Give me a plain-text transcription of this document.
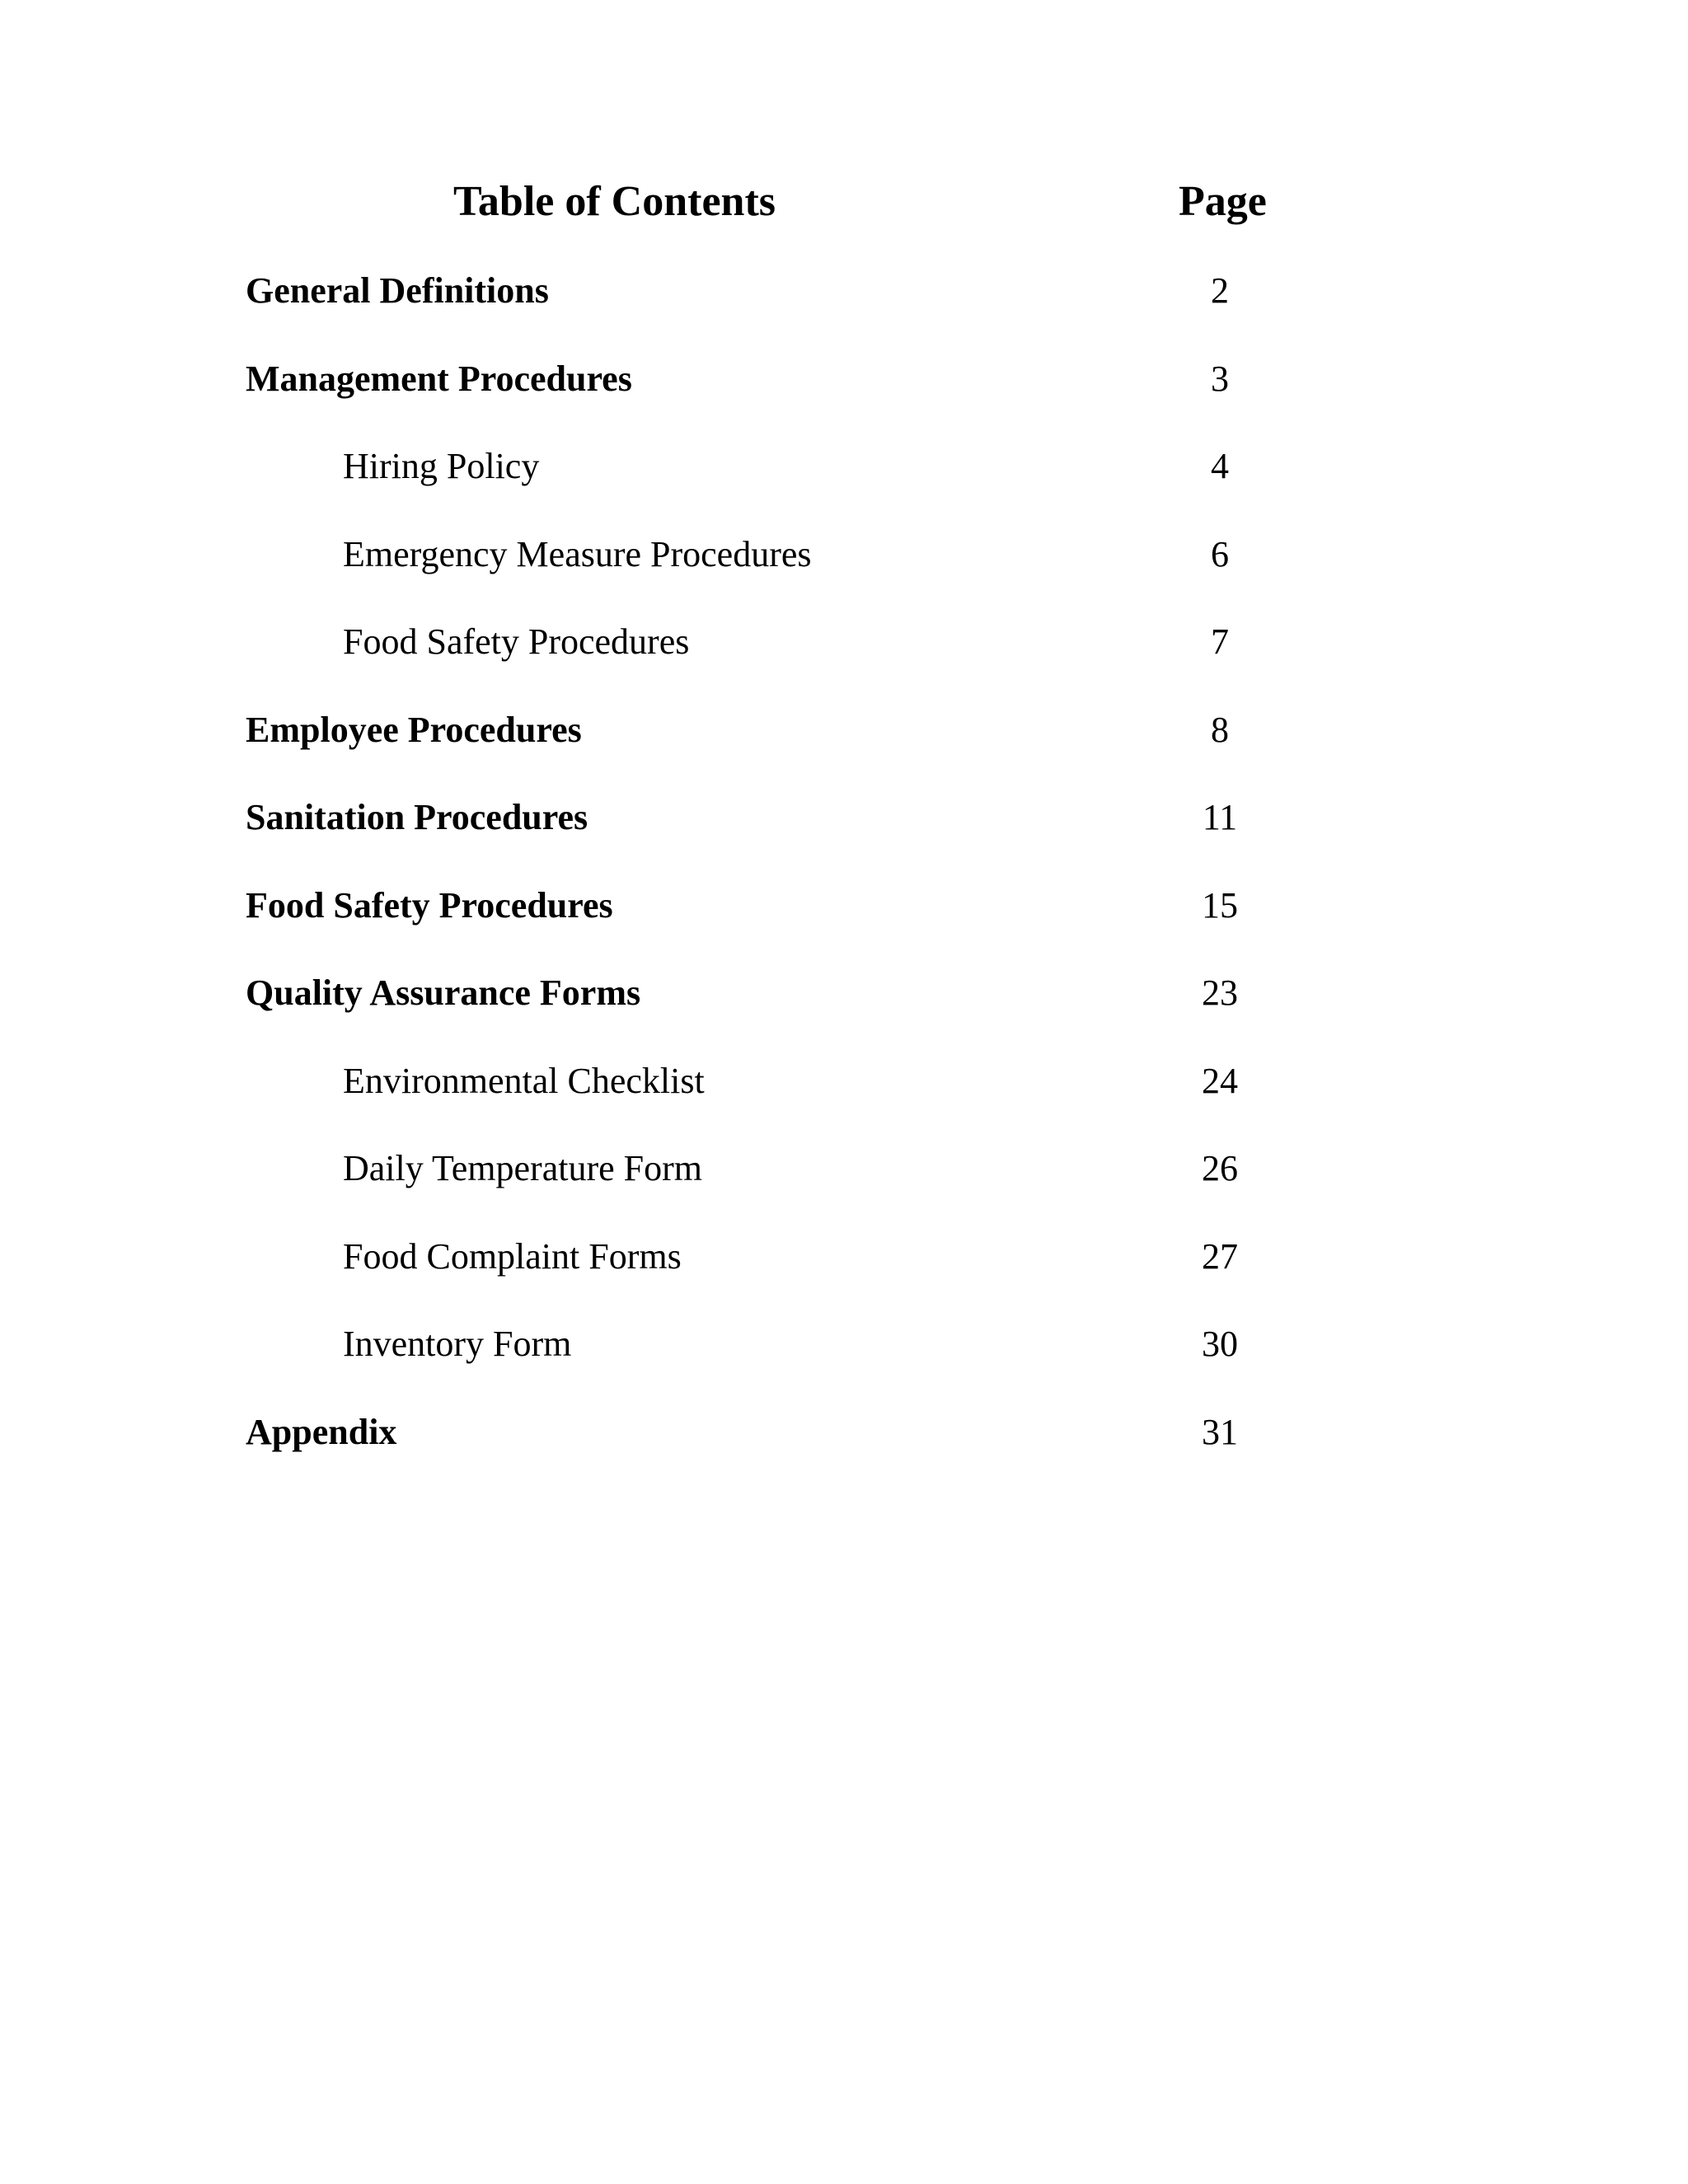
Table of Contents	Page
General Definitions	2
Management Procedures	3
Hiring Policy	4
Emergency Measure Procedures	6
Food Safety Procedures	7
Employee Procedures	8
Sanitation Procedures	11
Food Safety Procedures	15
Quality Assurance Forms	23
Environmental Checklist	24
Daily Temperature Form	26
Food Complaint Forms	27
Inventory Form	30
Appendix	31
